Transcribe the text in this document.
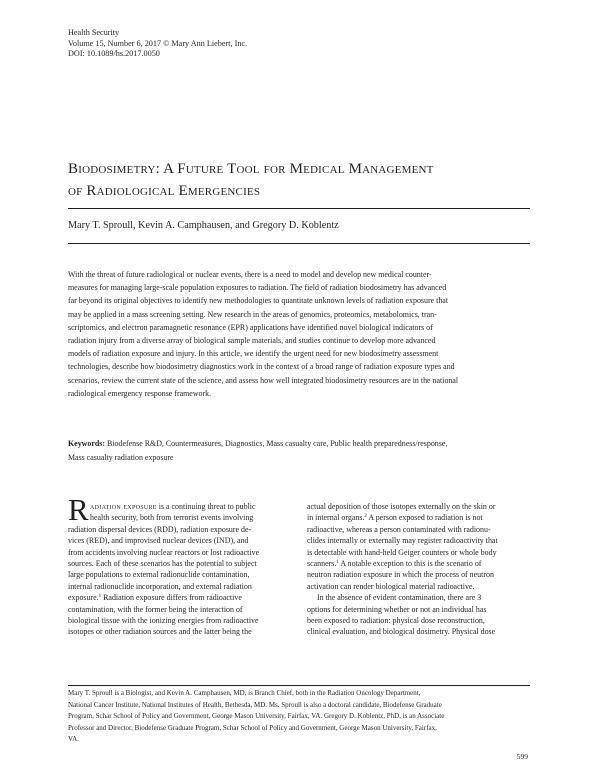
Health Security
Volume 15, Number 6, 2017 © Mary Ann Liebert, Inc.
DOI: 10.1089/hs.2017.0050
Biodosimetry: A Future Tool for Medical Management
of Radiological Emergencies
Mary T. Sproull, Kevin A. Camphausen, and Gregory D. Koblentz
With the threat of future radiological or nuclear events, there is a need to model and develop new medical counter-
measures for managing large-scale population exposures to radiation. The field of radiation biodosimetry has advanced
far beyond its original objectives to identify new methodologies to quantitate unknown levels of radiation exposure that
may be applied in a mass screening setting. New research in the areas of genomics, proteomics, metabolomics, tran-
scriptomics, and electron paramagnetic resonance (EPR) applications have identified novel biological indicators of
radiation injury from a diverse array of biological sample materials, and studies continue to develop more advanced
models of radiation exposure and injury. In this article, we identify the urgent need for new biodosimetry assessment
technologies, describe how biodosimetry diagnostics work in the context of a broad range of radiation exposure types and
scenarios, review the current state of the science, and assess how well integrated biodosimetry resources are in the national
radiological emergency response framework.
Keywords: Biodefense R&D, Countermeasures, Diagnostics, Mass casualty care, Public health preparedness/response,
Mass casualty radiation exposure
R adiation exposure is a continuing threat to public
health security, both from terrorist events involving
radiation dispersal devices (RDD), radiation exposure de-
vices (RED), and improvised nuclear devices (IND), and
from accidents involving nuclear reactors or lost radioactive
sources. Each of these scenarios has the potential to subject
large populations to external radionuclide contamination,
internal radionuclide incorporation, and external radiation
exposure.$^1$ Radiation exposure differs from radioactive
contamination, with the former being the interaction of
biological tissue with the ionizing energies from radioactive
isotopes or other radiation sources and the latter being the
actual deposition of those isotopes externally on the skin or
in internal organs.$^2$ A person exposed to radiation is not
radioactive, whereas a person contaminated with radionu-
clides internally or externally may register radioactivity that
is detectable with hand-held Geiger counters or whole body
scanners.$^1$ A notable exception to this is the scenario of
neutron radiation exposure in which the process of neutron
activation can render biological material radioactive.
In the absence of evident contamination, there are 3
options for determining whether or not an individual has
been exposed to radiation: physical dose reconstruction,
clinical evaluation, and biological dosimetry. Physical dose
Mary T. Sproull is a Biologist, and Kevin A. Camphausen, MD, is Branch Chief, both in the Radiation Oncology Department,
National Cancer Institute, National Institutes of Health, Bethesda, MD. Ms. Sproull is also a doctoral candidate, Biodefense Graduate
Program, Schar School of Policy and Government, George Mason University, Fairfax, VA. Gregory D. Koblentz, PhD, is an Associate
Professor and Director, Biodefense Graduate Program, Schar School of Policy and Government, George Mason University, Fairfax,
VA.
599
